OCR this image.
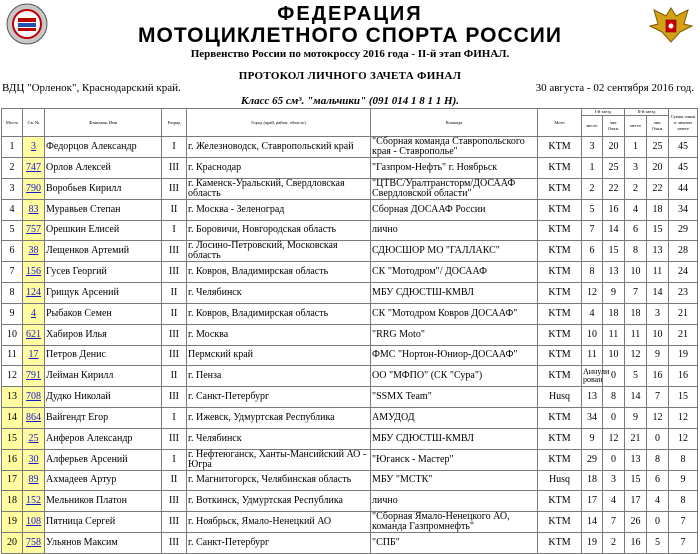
ФЕДЕРАЦИЯ
МОТОЦИКЛЕТНОГО СПОРТА РОССИИ
Первенство России по мотокроссу 2016 года - II-й этап ФИНАЛ.
ПРОТОКОЛ ЛИЧНОГО ЗАЧЕТА ФИНАЛ
ВДЦ "Орленок", Краснодарский край.	30 августа - 02 сентября 2016 год.
Класс 65 см³. "мальчики" (091 014 1 8 1 1 Н).
Место	Св. №	Фамилия, Имя	Разряд	Город (край, район, область)	Команда	Мото	I-й заезд		II-й заезд		Сумма очков в личном зачете
							место	лич. Очки.	место	лич. Очки.	
1	3	Федорцов Александр	I	г. Железноводск, Ставропольский край	"Сборная команда Ставропольского края - Ставрополье"	KTM	3	20	1	25	45
2	747	Орлов Алексей	III	г. Краснодар	"Газпром-Нефть" г. Ноябрьск	KTM	1	25	3	20	45
3	790	Воробьев Кирилл	III	г. Каменск-Уральский, Свердловская область	"ЦТВС/Уралтрансторм/ДОСААФ Свердловской области"	KTM	2	22	2	22	44
4	83	Муравьев Степан	II	г. Москва - Зеленоград	Сборная ДОСААФ России	KTM	5	16	4	18	34
5	757	Орешкин Елисей	I	г. Боровичи, Новгородская область	лично	KTM	7	14	6	15	29
6	38	Лещенков Артемий	III	г. Лосино-Петровский, Московская область	СДЮСШОР МО "ГАЛЛАКС"	KTM	6	15	8	13	28
7	156	Гусев Георгий	III	г. Ковров, Владимирская область	СК "Мотодром"/ ДОСААФ	KTM	8	13	10	11	24
8	124	Грищук Арсений	II	г. Челябинск	МБУ СДЮСТШ-КМВЛ	KTM	12	9	7	14	23
9	4	Рыбаков Семен	II	г. Ковров, Владимирская область	СК "Мотодром Ковров ДОСААФ"	KTM	4	18	18	3	21
10	621	Хабиров Илья	III	г. Москва	"RRG Moto"	KTM	10	11	11	10	21
11	17	Петров Денис	III	Пермский край	ФМС "Нортон-Юниор-ДОСААФ"	KTM	11	10	12	9	19
12	791	Лейман Кирилл	II	г. Пенза	ОО "МФПО" (СК "Сура")	KTM	Аннули рован	0	5	16	16
13	708	Дудко Николай	III	г. Санкт-Петербург	"SSMX Team"	Husq	13	8	14	7	15
14	864	Вайгендт Егор	I	г. Ижевск, Удмуртская Республика	АМУДОД	KTM	34	0	9	12	12
15	25	Анферов Александр	III	г. Челябинск	МБУ СДЮСТШ-КМВЛ	KTM	9	12	21	0	12
16	30	Алферьев Арсений	I	г. Нефтеюганск, Ханты-Мансийский АО - Югра	"Юганск - Мастер"	KTM	29	0	13	8	8
17	89	Ахмадеев Артур	II	г. Магнитогорск, Челябинская область	МБУ "МСТК"	Husq	18	3	15	6	9
18	152	Мельников Платон	III	г. Воткинск, Удмуртская Республика	лично	KTM	17	4	17	4	8
19	108	Пятница Сергей	III	г. Ноябрьск, Ямало-Ненецкий АО	"Сборная Ямало-Ненецкого АО, команда Газпромнефть"	KTM	14	7	26	0	7
20	758	Ульянов Максим	III	г. Санкт-Петербург	"СПБ"	KTM	19	2	16	5	7
